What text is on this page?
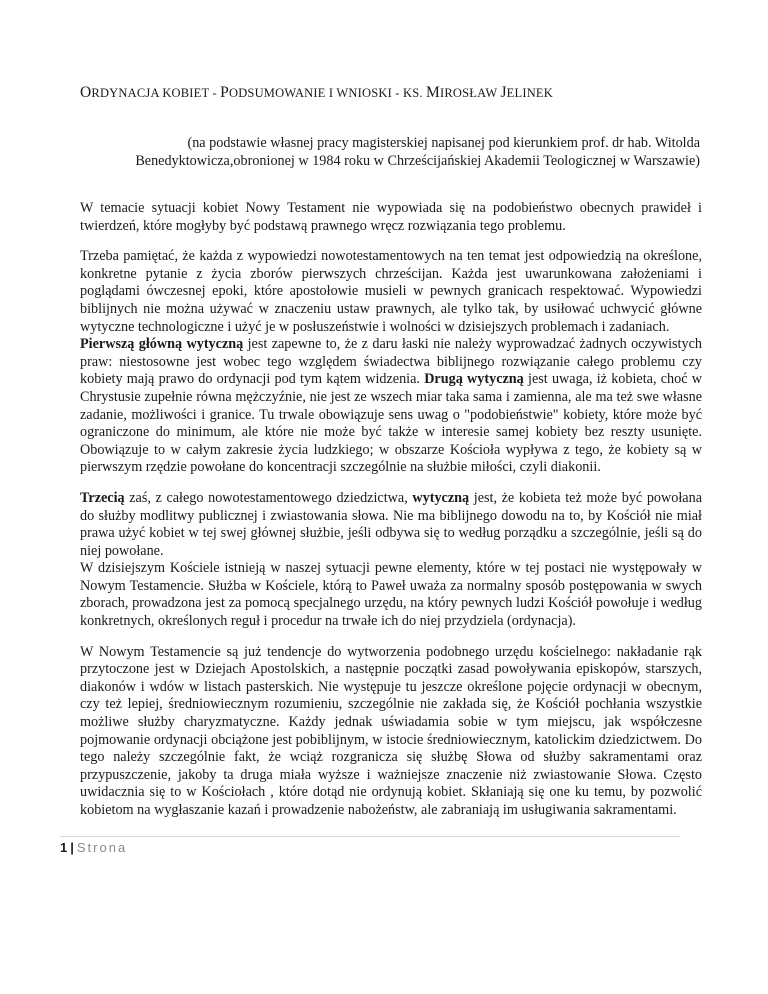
ORDYNACJA KOBIET - PODSUMOWANIE I WNIOSKI - KS. MIROSŁAW JELINEK
(na podstawie własnej pracy magisterskiej napisanej pod kierunkiem prof. dr hab. Witolda Benedyktowicza,obronionej w 1984 roku w Chrześcijańskiej Akademii Teologicznej w Warszawie)

W temacie sytuacji kobiet Nowy Testament nie wypowiada się na podobieństwo obecnych prawideł i twierdzeń, które mogłyby być podstawą prawnego wręcz rozwiązania tego problemu.

Trzeba pamiętać, że każda z wypowiedzi nowotestamentowych na ten temat jest odpowiedzią na określone, konkretne pytanie z życia zborów pierwszych chrześcijan. Każda jest uwarunkowana założeniami i poglądami ówczesnej epoki, które apostołowie musieli w pewnych granicach respektować. Wypowiedzi biblijnych nie można używać w znaczeniu ustaw prawnych, ale tylko tak, by usiłować uchwycić główne wytyczne technologiczne i użyć je w posłuszeństwie i wolności w dzisiejszych problemach i zadaniach.
Pierwszą główną wytyczną jest zapewne to, że z daru łaski nie należy wyprowadzać żadnych oczywistych praw: niestosowne jest wobec tego względem świadectwa biblijnego rozwiązanie całego problemu czy kobiety mają prawo do ordynacji pod tym kątem widzenia. Drugą wytyczną jest uwaga, iż kobieta, choć w Chrystusie zupełnie równa mężczyźnie, nie jest ze wszech miar taka sama i zamienna, ale ma też swe własne zadanie, możliwości i granice. Tu trwale obowiązuje sens uwag o "podobieństwie" kobiety, które może być ograniczone do minimum, ale które nie może być także w interesie samej kobiety bez reszty usunięte. Obowiązuje to w całym zakresie życia ludzkiego; w obszarze Kościoła wypływa z tego, że kobiety są w pierwszym rzędzie powołane do koncentracji szczególnie na służbie miłości, czyli diakonii.

Trzecią zaś, z całego nowotestamentowego dziedzictwa, wytyczną jest, że kobieta też może być powołana do służby modlitwy publicznej i zwiastowania słowa. Nie ma biblijnego dowodu na to, by Kościół nie miał prawa użyć kobiet w tej swej głównej służbie, jeśli odbywa się to według porządku a szczególnie, jeśli są do niej powołane.
W dzisiejszym Kościele istnieją w naszej sytuacji pewne elementy, które w tej postaci nie występowały w Nowym Testamencie. Służba w Kościele, którą to Paweł uważa za normalny sposób postępowania w swych zborach, prowadzona jest za pomocą specjalnego urzędu, na który pewnych ludzi Kościół powołuje i według konkretnych, określonych reguł i procedur na trwałe ich do niej przydziela (ordynacja).

W Nowym Testamencie są już tendencje do wytworzenia podobnego urzędu kościelnego: nakładanie rąk przytoczone jest w Dziejach Apostolskich, a następnie początki zasad powoływania episkopów, starszych, diakonów i wdów w listach pasterskich. Nie występuje tu jeszcze określone pojęcie ordynacji w obecnym, czy też lepiej, średniowiecznym rozumieniu, szczególnie nie zakłada się, że Kościół pochłania wszystkie możliwe służby charyzmatyczne. Każdy jednak uświadamia sobie w tym miejscu, jak współczesne pojmowanie ordynacji obciążone jest pobiblijnym, w istocie średniowiecznym, katolickim dziedzictwem. Do tego należy szczególnie fakt, że wciąż rozgranicza się służbę Słowa od służby sakramentami oraz przypuszczenie, jakoby ta druga miała wyższe i ważniejsze znaczenie niż zwiastowanie Słowa. Często uwidacznia się to w Kościołach , które dotąd nie ordynują kobiet. Skłaniają się one ku temu, by pozwolić kobietom na wygłaszanie kazań i prowadzenie nabożeństw, ale zabraniają im usługiwania sakramentami.

1 | Strona
